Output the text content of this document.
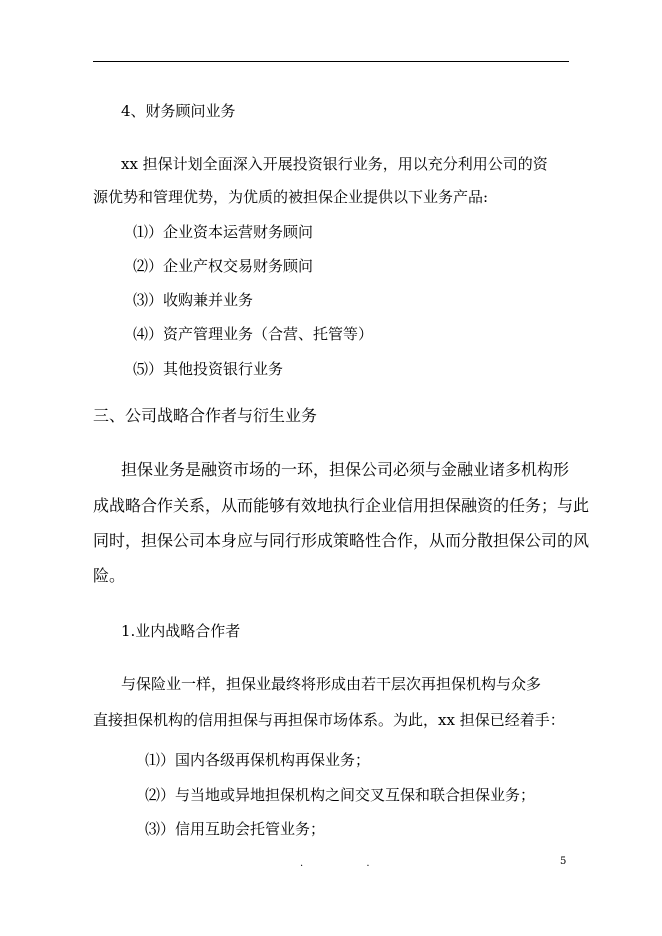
4、财务顾问业务
xx 担保计划全面深入开展投资银行业务，用以充分利用公司的资
源优势和管理优势，为优质的被担保企业提供以下业务产品:
⑴）企业资本运营财务顾问
⑵）企业产权交易财务顾问
⑶）收购兼并业务
⑷）资产管理业务（合营、托管等）
⑸）其他投资银行业务
三、公司战略合作者与衍生业务
担保业务是融资市场的一环，担保公司必须与金融业诸多机构形
成战略合作关系，从而能够有效地执行企业信用担保融资的任务；与此
同时，担保公司本身应与同行形成策略性合作，从而分散担保公司的风
险。
1.业内战略合作者
与保险业一样，担保业最终将形成由若干层次再担保机构与众多
直接担保机构的信用担保与再担保市场体系。为此，xx 担保已经着手：
⑴）国内各级再保机构再保业务；
⑵）与当地或异地担保机构之间交叉互保和联合担保业务；
⑶）信用互助会托管业务；
. .	5
